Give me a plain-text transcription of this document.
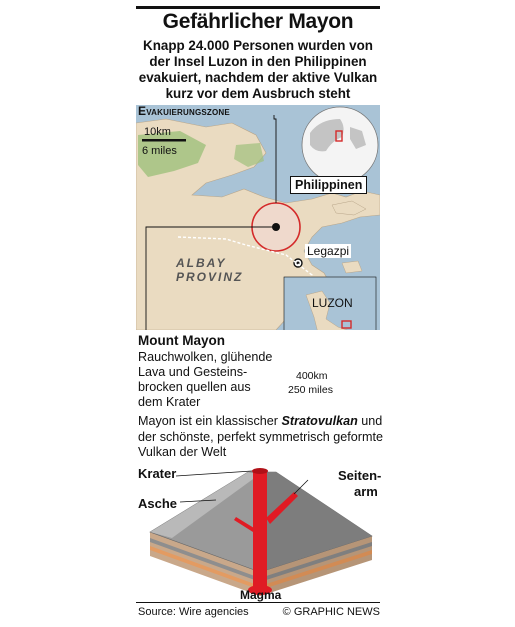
Gefährlicher Mayon
Knapp 24.000 Personen wurden von der Insel Luzon in den Philippinen evakuiert, nachdem der aktive Vulkan kurz vor dem Ausbruch steht
Evakuierungszone
10km
6 miles
ALBAY
PROVINZ
Legazpi
Philippinen
LUZON
400km
250 miles
Mount Mayon
Rauchwolken, glühende Lava und Gesteins-brocken quellen aus dem Krater
Mayon ist ein klassischer Stratovulkan und der schönste, perfekt symmetrisch geformte Vulkan der Welt
Krater
Asche
Seiten-
arm
Magma
Source: Wire agencies	© GRAPHIC NEWS
